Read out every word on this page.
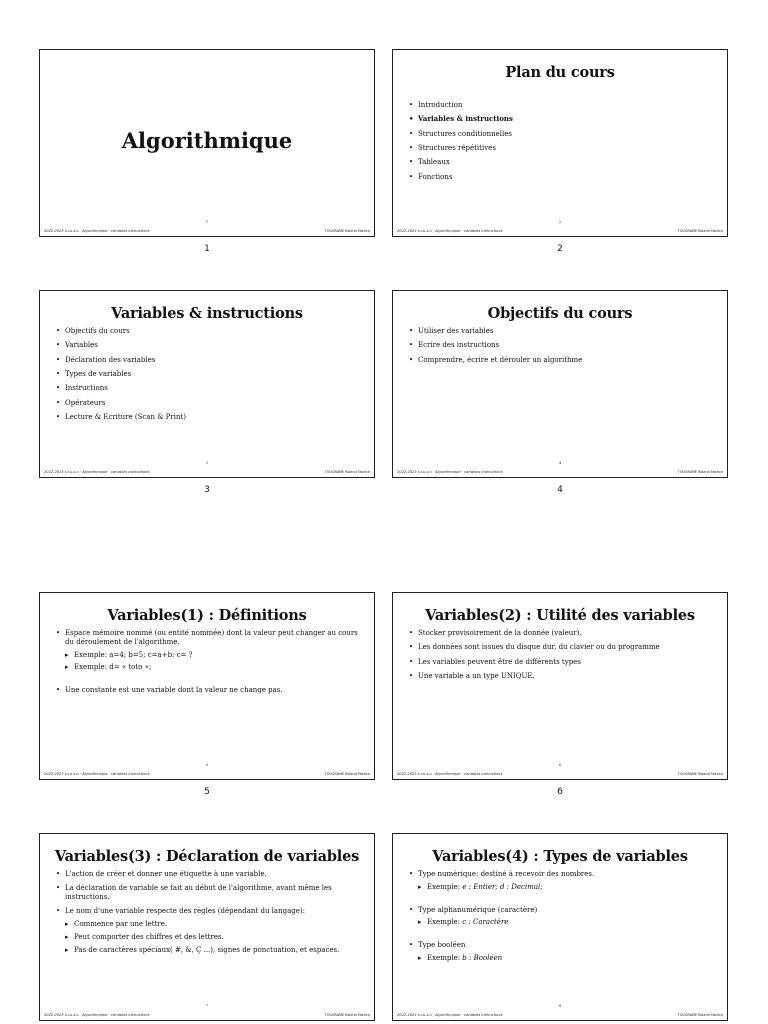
Algorithmique
1
2022-2023 s.r.u.s.o · Algorithmique · variables instructions	TOUGRAME Roland Fabrice
1
Plan du cours
• Introduction
• Variables & instructions
• Structures conditionnelles
• Structures répétitives
• Tableaux
• Fonctions
2
2022-2023 s.r.u.s.o · Algorithmique · variables instructions	TOUGRAME Roland Fabrice
2
Variables & instructions
• Objectifs du cours
• Variables
• Déclaration des variables
• Types de variables
• Instructions
• Opérateurs
• Lecture & Ecriture (Scan & Print)
3
2022-2023 s.r.u.s.o · Algorithmique · variables instructions	TOUGRAME Roland Fabrice
3
Objectifs du cours
• Utiliser des variables
• Ecrire des instructions
• Comprendre, écrire et dérouler un algorithme
4
2022-2023 s.r.u.s.o · Algorithmique · variables instructions	TOUGRAME Roland Fabrice
4
Variables(1) : Définitions
• Espace mémoire nommé (ou entité nommée) dont la valeur peut changer au cours du déroulement de l'algorithme.
▸ Exemple: a=4; b=5; c=a+b; c= ?
▸ Exemple: d= « toto »;
• Une constante est une variable dont la valeur ne change pas.
5
2022-2023 s.r.u.s.o · Algorithmique · variables instructions	TOUGRAME Roland Fabrice
5
Variables(2) : Utilité des variables
• Stocker provisoirement de la donnée (valeur).
• Les données sont issues du disque dur, du clavier ou du programme
• Les variables peuvent être de différents types
• Une variable a un type UNIQUE.
6
2022-2023 s.r.u.s.o · Algorithmique · variables instructions	TOUGRAME Roland Fabrice
6
Variables(3) : Déclaration de variables
• L'action de créer et donner une étiquette à une variable.
• La déclaration de variable se fait au début de l'algorithme, avant même les instructions.
• Le nom d'une variable respecte des règles (dépendant du langage):
▸ Commence par une lettre.
▸ Peut comporter des chiffres et des lettres.
▸ Pas de caractères spéciaux( #, &, Ç ...), signes de ponctuation, et espaces.
7
2022-2023 s.r.u.s.o · Algorithmique · variables instructions	TOUGRAME Roland Fabrice
Variables(4) : Types de variables
• Type numérique: destiné à recevoir des nombres.
▸ Exemple: e : Entier; d : Decimal;
• Type alphanumérique (caractère)
▸ Exemple: c : Caractère
• Type booléen
▸ Exemple: b : Booléen
8
2022-2023 s.r.u.s.o · Algorithmique · variables instructions	TOUGRAME Roland Fabrice
